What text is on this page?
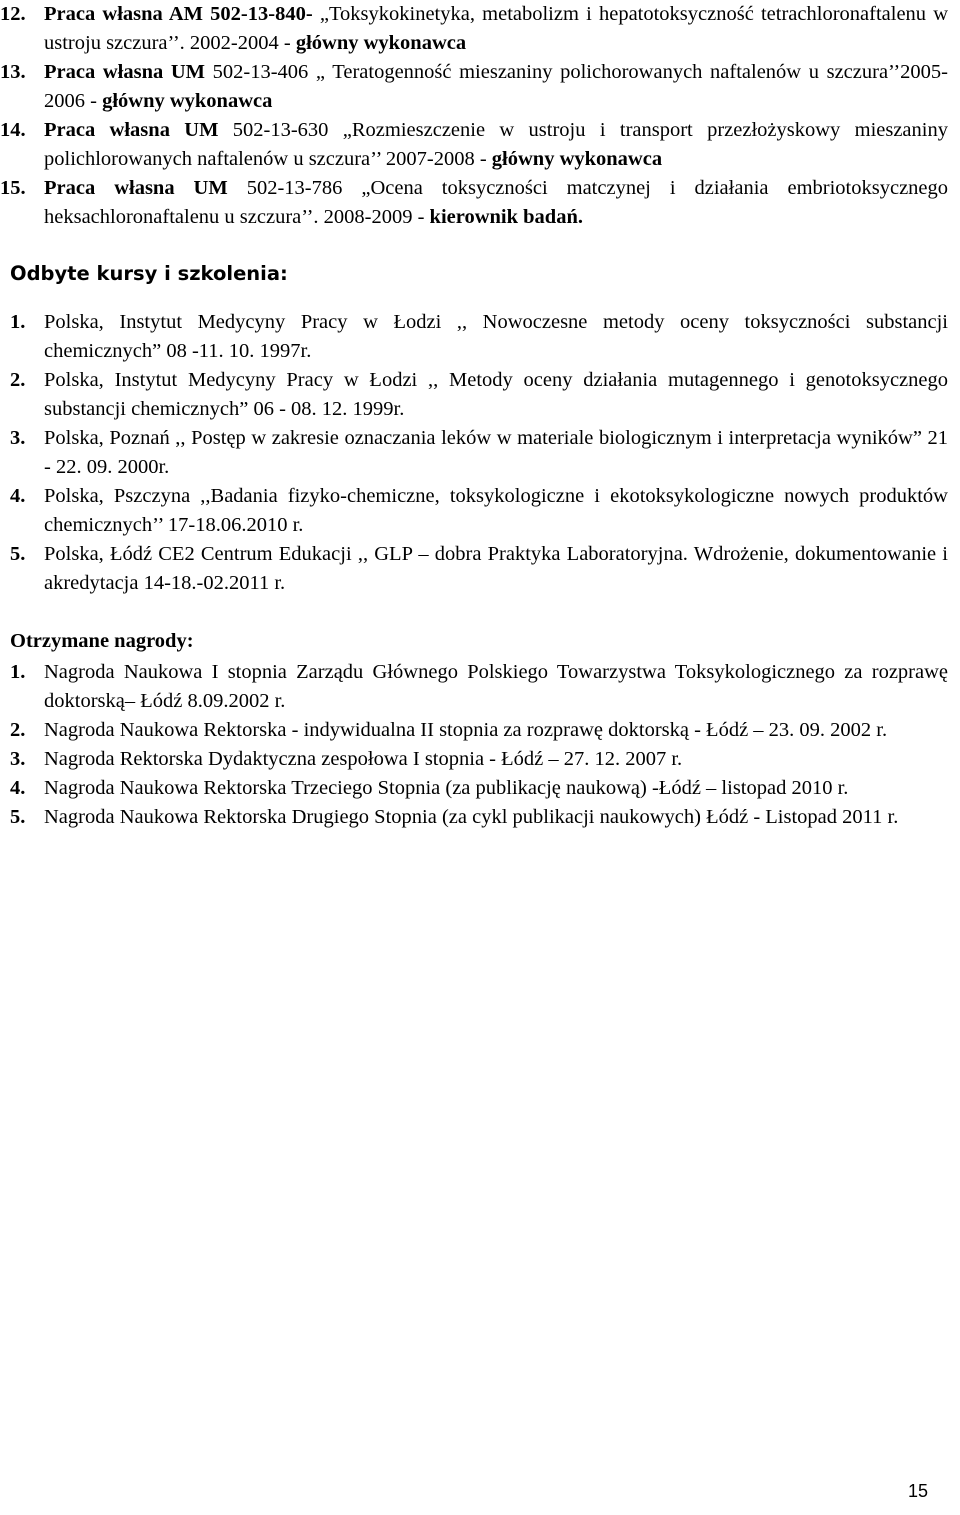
12. Praca własna AM 502-13-840- „Toksykokinetyka, metabolizm i hepatotoksyczność tetrachloronaftalenu w ustroju szczura’’. 2002-2004 - główny wykonawca

13. Praca własna UM 502-13-406 „ Teratogenność mieszaniny polichorowanych naftalenów u szczura’’2005-2006 - główny wykonawca

14. Praca własna UM 502-13-630 „Rozmieszczenie w ustroju i transport przezłożyskowy mieszaniny polichlorowanych naftalenów u szczura’’ 2007-2008 - główny wykonawca

15. Praca własna UM 502-13-786 „Ocena toksyczności matczynej i działania embriotoksycznego heksachloronaftalenu u szczura’’. 2008-2009 - kierownik badań.

Odbyte kursy i szkolenia:

1. Polska, Instytut Medycyny Pracy w Łodzi ,, Nowoczesne metody oceny toksyczności substancji chemicznych” 08 -11. 10. 1997r.

2. Polska, Instytut Medycyny Pracy w Łodzi ,, Metody oceny działania mutagennego i genotoksycznego substancji chemicznych” 06 - 08. 12. 1999r.

3. Polska, Poznań ,, Postęp w zakresie oznaczania leków w materiale biologicznym i interpretacja wyników” 21 - 22. 09. 2000r.

4. Polska, Pszczyna ,,Badania fizyko-chemiczne, toksykologiczne i ekotoksykologiczne nowych produktów chemicznych’’ 17-18.06.2010 r.

5. Polska, Łódź CE2 Centrum Edukacji ,, GLP – dobra Praktyka Laboratoryjna. Wdrożenie, dokumentowanie i akredytacja 14-18.-02.2011 r.

Otrzymane nagrody:

1. Nagroda Naukowa I stopnia Zarządu Głównego Polskiego Towarzystwa Toksykologicznego za rozprawę doktorską– Łódź 8.09.2002 r.

2. Nagroda Naukowa Rektorska - indywidualna II stopnia za rozprawę doktorską - Łódź – 23. 09. 2002 r.

3. Nagroda Rektorska Dydaktyczna zespołowa I stopnia - Łódź – 27. 12. 2007 r.

4. Nagroda Naukowa Rektorska Trzeciego Stopnia (za publikację naukową) -Łódź – listopad 2010 r.

5. Nagroda Naukowa Rektorska Drugiego Stopnia (za cykl publikacji naukowych) Łódź - Listopad 2011 r.

15
